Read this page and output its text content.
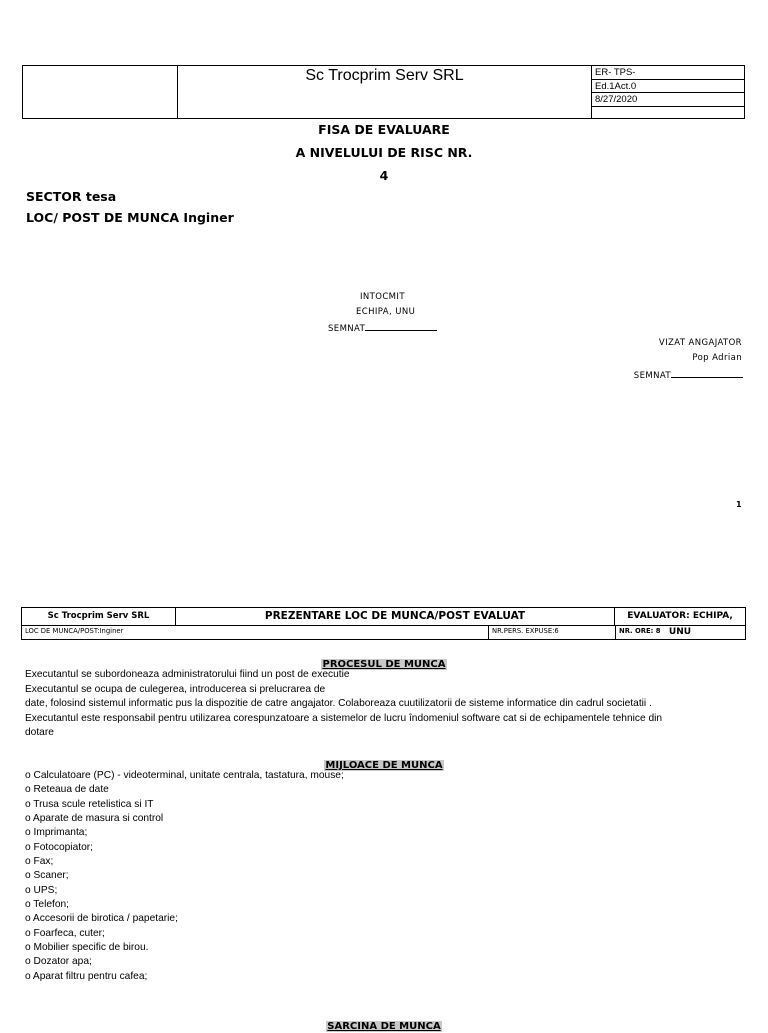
Sc Trocprim Serv SRL	ER- TPS-
Ed.1Act.0
8/27/2020
FISA DE EVALUARE
A NIVELULUI DE RISC NR.
4
SECTOR tesa
LOC/ POST DE MUNCA Inginer
INTOCMIT
ECHIPA, UNU
SEMNAT
VIZAT ANGAJATOR
Pop Adrian
SEMNAT
1
Sc Trocprim Serv SRL	PREZENTARE LOC DE MUNCA/POST EVALUAT	EVALUATOR: ECHIPA, UNU
LOC DE MUNCA/POST:Inginer	NR.PERS. EXPUSE:6	NR. ORE: 8
PROCESUL DE MUNCA
Executantul se subordoneaza administratorului fiind un post de executie
Executantul se ocupa de culegerea, introducerea si prelucrarea de
date, folosind sistemul informatic pus la dispozitie de catre angajator. Colaboreaza cuutilizatorii de sisteme informatice din cadrul societatii .
Executantul este responsabil pentru utilizarea corespunzatoare a sistemelor de lucru îndomeniul software cat si de echipamentele tehnice din
dotare
MIJLOACE DE MUNCA
o Calculatoare (PC) - videoterminal, unitate centrala, tastatura, mouse;
o Reteaua de date
o Trusa scule retelistica si IT
o Aparate de masura si control
o Imprimanta;
o Fotocopiator;
o Fax;
o Scaner;
o UPS;
o Telefon;
o Accesorii de birotica / papetarie;
o Foarfeca, cuter;
o Mobilier specific de birou.
o Dozator apa;
o Aparat filtru pentru cafea;
SARCINA DE MUNCA
